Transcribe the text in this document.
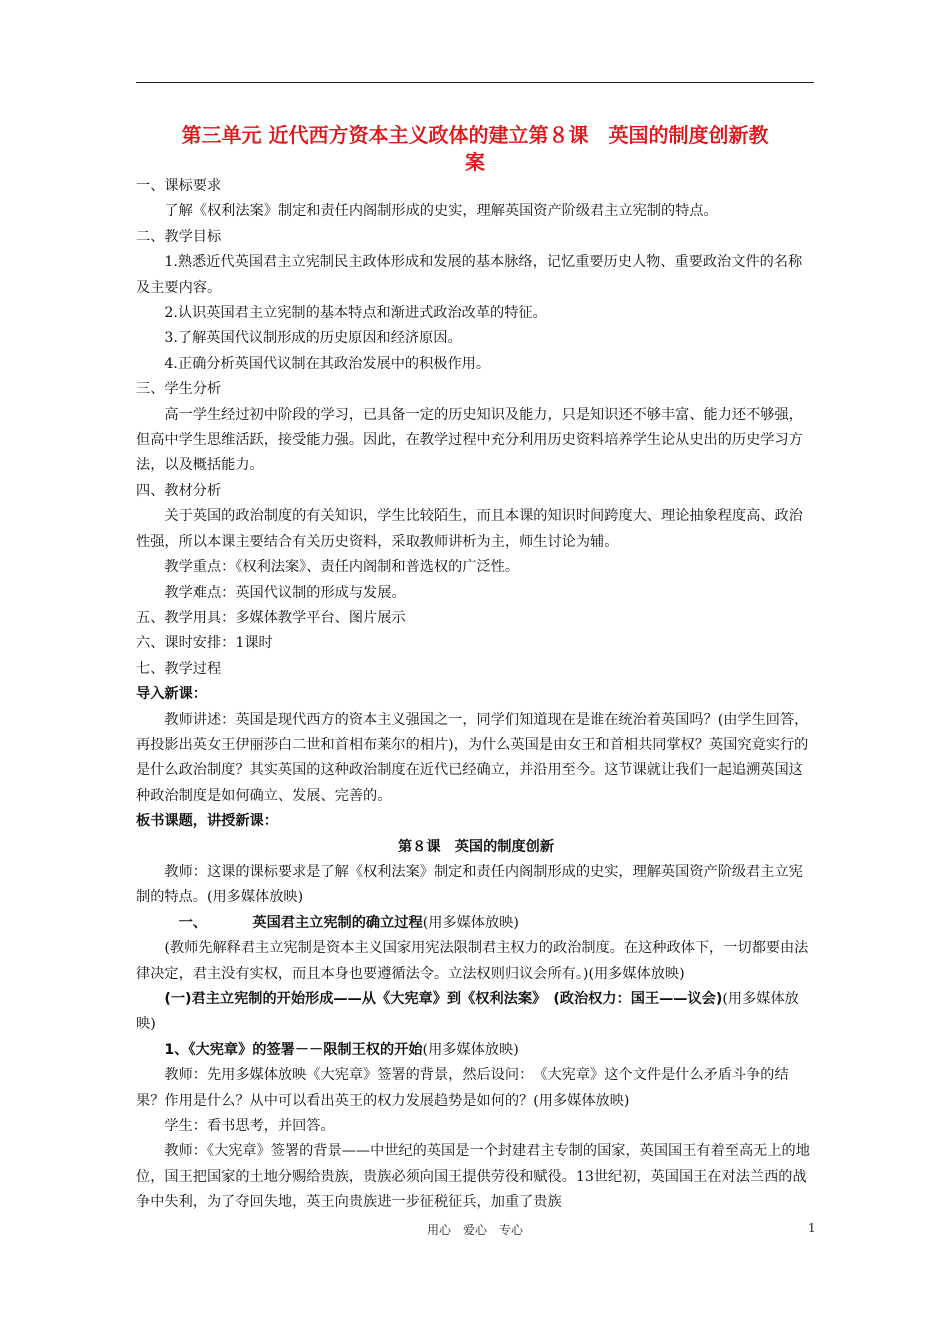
第三单元 近代西方资本主义政体的建立第８课　英国的制度创新教
案

一、课标要求

了解《权利法案》制定和责任内阁制形成的史实，理解英国资产阶级君主立宪制的特点。

二、教学目标

1.熟悉近代英国君主立宪制民主政体形成和发展的基本脉络，记忆重要历史人物、重要政治文件的名称及主要内容。

2.认识英国君主立宪制的基本特点和渐进式政治改革的特征。

3.了解英国代议制形成的历史原因和经济原因。

4.正确分析英国代议制在其政治发展中的积极作用。

三、学生分析

高一学生经过初中阶段的学习，已具备一定的历史知识及能力，只是知识还不够丰富、能力还不够强，但高中学生思维活跃，接受能力强。因此，在教学过程中充分利用历史资料培养学生论从史出的历史学习方法，以及概括能力。

四、教材分析

关于英国的政治制度的有关知识，学生比较陌生，而且本课的知识时间跨度大、理论抽象程度高、政治性强，所以本课主要结合有关历史资料，采取教师讲析为主，师生讨论为辅。

教学重点：《权利法案》、责任内阁制和普选权的广泛性。

教学难点：英国代议制的形成与发展。

五、教学用具：多媒体教学平台、图片展示

六、课时安排：1课时

七、教学过程

导入新课：

教师讲述：英国是现代西方的资本主义强国之一，同学们知道现在是谁在统治着英国吗？(由学生回答，再投影出英女王伊丽莎白二世和首相布莱尔的相片)，为什么英国是由女王和首相共同掌权？英国究竟实行的是什么政治制度？其实英国的这种政治制度在近代已经确立，并沿用至今。这节课就让我们一起追溯英国这种政治制度是如何确立、发展、完善的。

板书课题，讲授新课：

第８课　英国的制度创新

教师：这课的课标要求是了解《权利法案》制定和责任内阁制形成的史实，理解英国资产阶级君主立宪制的特点。(用多媒体放映)

一、	英国君主立宪制的确立过程(用多媒体放映)

(教师先解释君主立宪制是资本主义国家用宪法限制君主权力的政治制度。在这种政体下，一切都要由法律决定，君主没有实权，而且本身也要遵循法令。立法权则归议会所有。)(用多媒体放映)

(一)君主立宪制的开始形成——从《大宪章》到《权利法案》　(政治权力：国王——议会)(用多媒体放映)

1、《大宪章》的签署－－限制王权的开始(用多媒体放映)

教师：先用多媒体放映《大宪章》签署的背景，然后设问：　《大宪章》这个文件是什么矛盾斗争的结果？作用是什么？从中可以看出英王的权力发展趋势是如何的？(用多媒体放映)

学生：看书思考，并回答。

教师：《大宪章》签署的背景——中世纪的英国是一个封建君主专制的国家，英国国王有着至高无上的地位，国王把国家的土地分赐给贵族，贵族必须向国王提供劳役和赋役。13世纪初，英国国王在对法兰西的战争中失利，为了夺回失地，英王向贵族进一步征税征兵，加重了贵族

用心　爱心　专心	1
